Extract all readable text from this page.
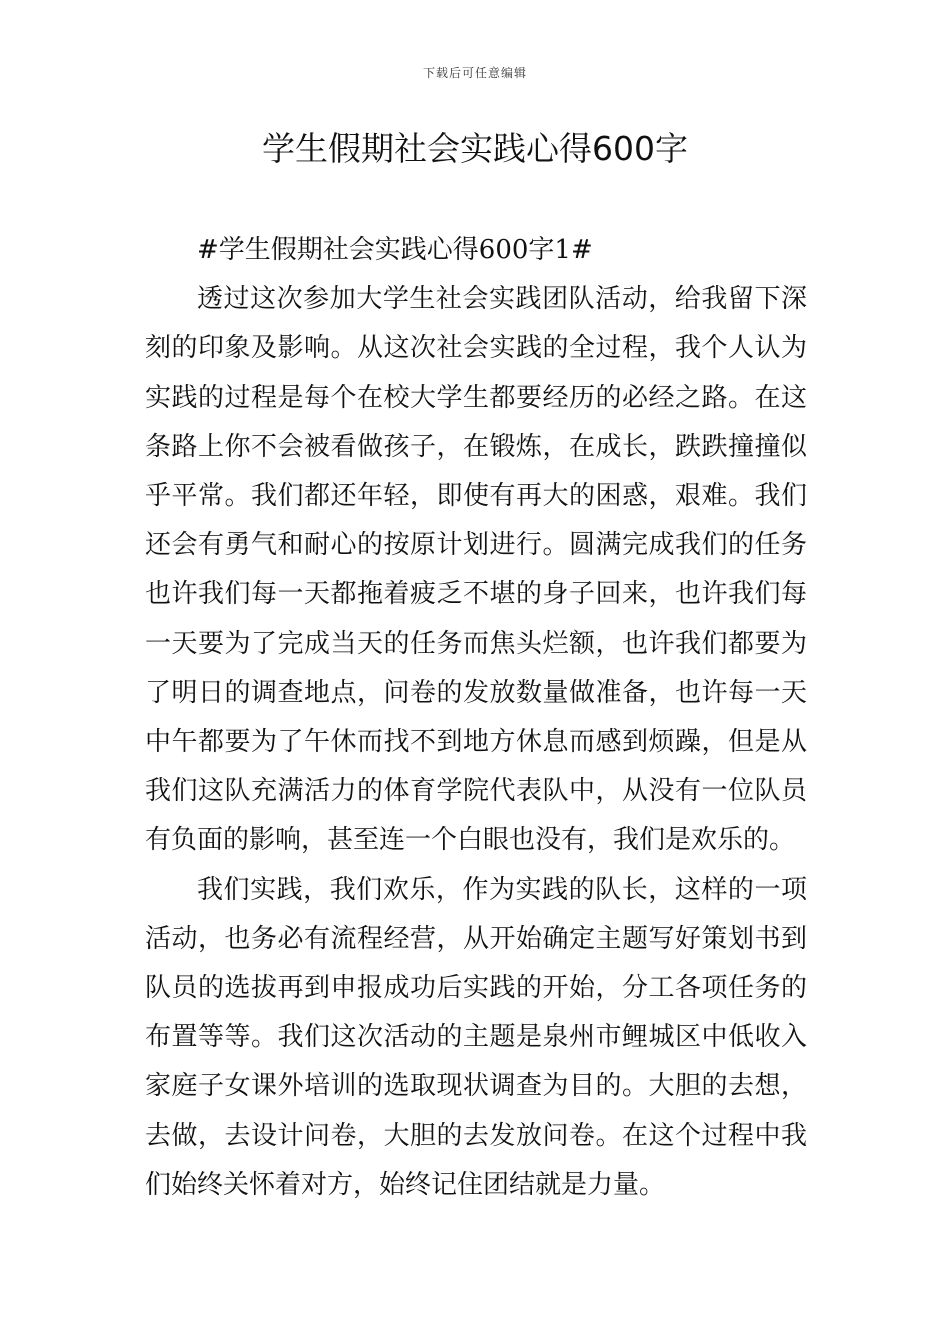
下载后可任意编辑
学生假期社会实践心得600字

#学生假期社会实践心得600字1#

透过这次参加大学生社会实践团队活动，给我留下深刻的印象及影响。从这次社会实践的全过程，我个人认为实践的过程是每个在校大学生都要经历的必经之路。在这条路上你不会被看做孩子，在锻炼，在成长，跌跌撞撞似乎平常。我们都还年轻，即使有再大的困惑，艰难。我们还会有勇气和耐心的按原计划进行。圆满完成我们的任务也许我们每一天都拖着疲乏不堪的身子回来，也许我们每一天要为了完成当天的任务而焦头烂额，也许我们都要为了明日的调查地点，问卷的发放数量做准备，也许每一天中午都要为了午休而找不到地方休息而感到烦躁，但是从我们这队充满活力的体育学院代表队中，从没有一位队员有负面的影响，甚至连一个白眼也没有，我们是欢乐的。

我们实践，我们欢乐，作为实践的队长，这样的一项活动，也务必有流程经营，从开始确定主题写好策划书到队员的选拔再到申报成功后实践的开始，分工各项任务的布置等等。我们这次活动的主题是泉州市鲤城区中低收入家庭子女课外培训的选取现状调查为目的。大胆的去想，去做，去设计问卷，大胆的去发放问卷。在这个过程中我们始终关怀着对方，始终记住团结就是力量。
